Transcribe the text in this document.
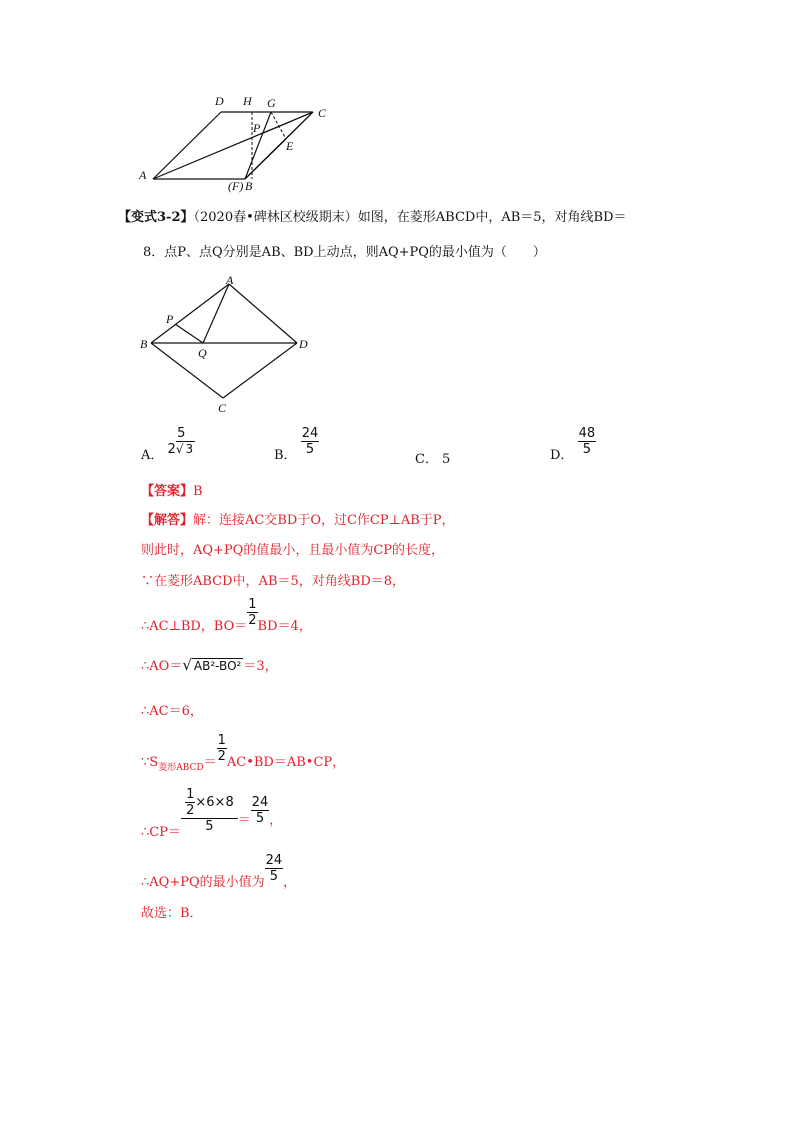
D H G
C
P
E
A
(F) B
【变式3-2】（2020春•碑林区校级期末）如图，在菱形ABCD中，AB＝5，对角线BD＝
8．点P、点Q分别是AB、BD上动点，则AQ+PQ的最小值为（　　）
A
P
B
Q
D
C
A． $\frac{5}{2√ 3}$	B． $\frac{24}{5}$
C． 5	D． $\frac{48}{5}$
【答案】B
【解答】解：连接AC交BD于O，过C作CP⊥AB于P，
则此时，AQ+PQ的值最小，且最小值为CP的长度，
∵在菱形ABCD中，AB＝5，对角线BD＝8，
∴AC⊥BD，$BO= \frac{1}{2} BD=4$，
∴AO＝√ AB²-BO² ＝3，
∴AC＝6，
$\because S_{菱形ABCD}= \frac{1}{2}$ AC•BD＝AB•CP，
∴CP＝ $\frac{\frac{1}{2} \times 6\times 8}{5} = \frac{24}{5}$ ，
∴AQ+PQ的最小值为 $\frac{24}{5}$ ，
故选：B．
